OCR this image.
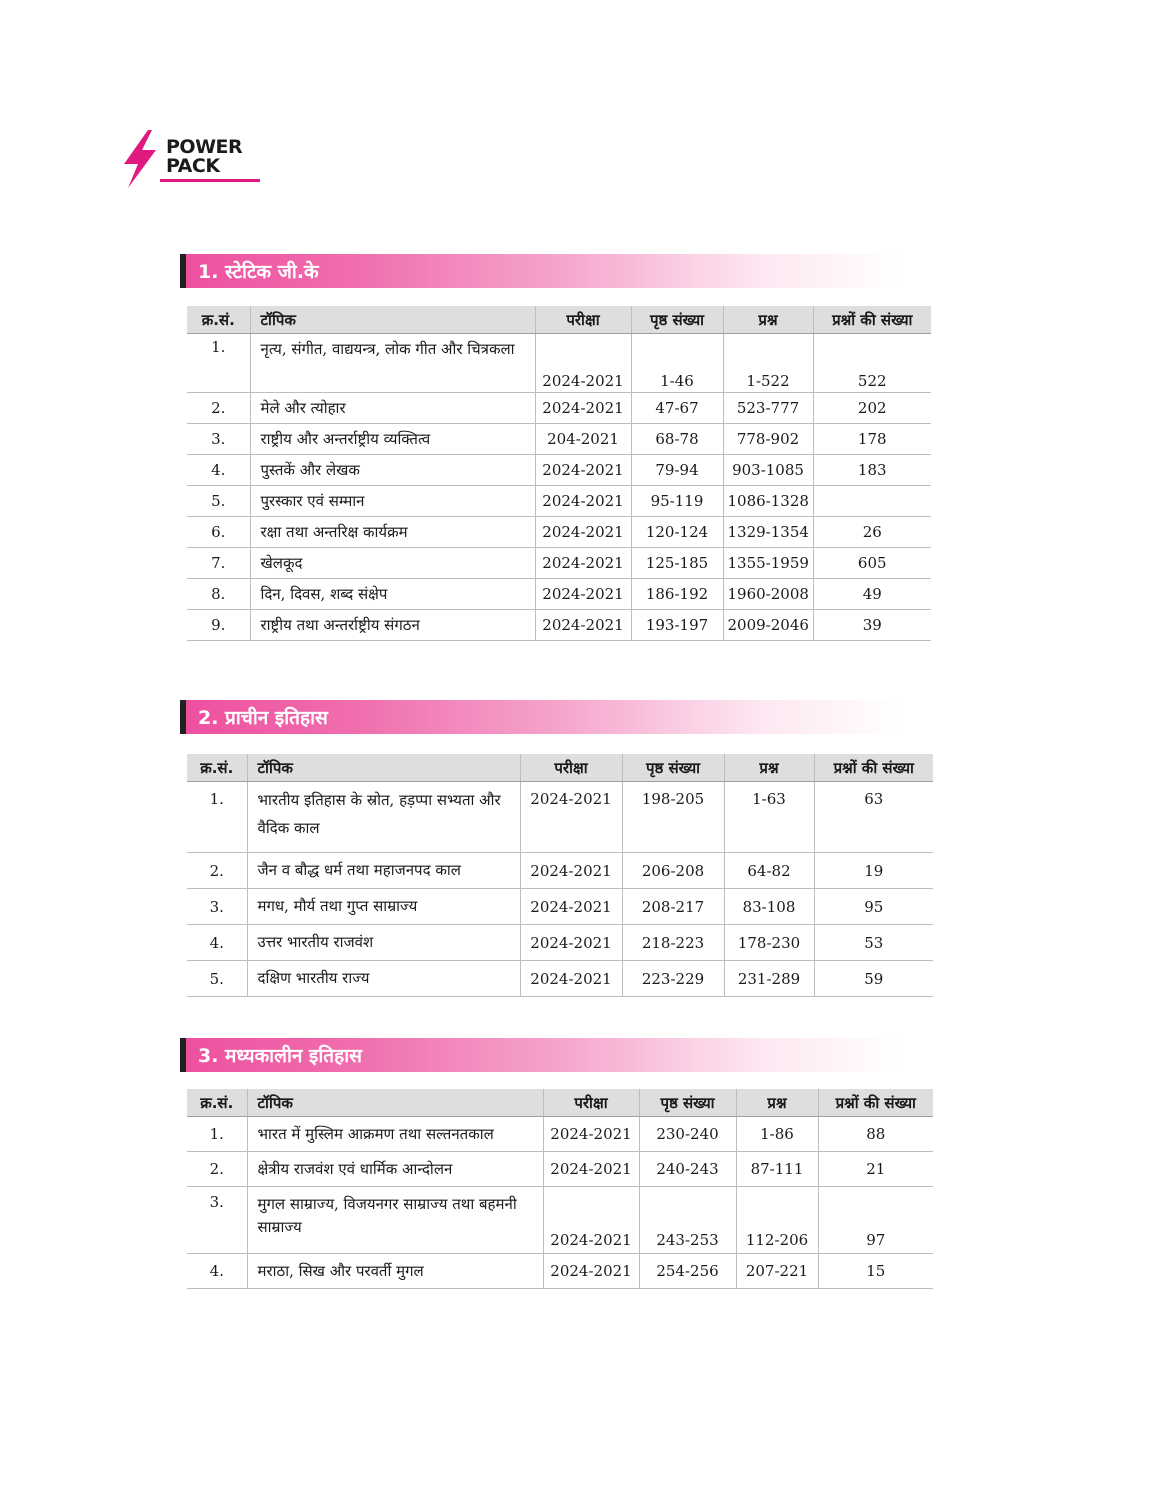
POWER
PACK
1. स्टेटिक जी.के
क्र.सं.	टॉपिक	परीक्षा	पृष्ठ संख्या	प्रश्न	प्रश्नों की संख्या
1.	नृत्य, संगीत, वाद्ययन्त्र, लोक गीत और चित्रकला	2024-2021	1-46	1-522	522
2.	मेले और त्योहार	2024-2021	47-67	523-777	202
3.	राष्ट्रीय और अन्तर्राष्ट्रीय व्यक्तित्व	204-2021	68-78	778-902	178
4.	पुस्तकें और लेखक	2024-2021	79-94	903-1085	183
5.	पुरस्कार एवं सम्मान	2024-2021	95-119	1086-1328	
6.	रक्षा तथा अन्तरिक्ष कार्यक्रम	2024-2021	120-124	1329-1354	26
7.	खेलकूद	2024-2021	125-185	1355-1959	605
8.	दिन, दिवस, शब्द संक्षेप	2024-2021	186-192	1960-2008	49
9.	राष्ट्रीय तथा अन्तर्राष्ट्रीय संगठन	2024-2021	193-197	2009-2046	39
2. प्राचीन इतिहास
क्र.सं.	टॉपिक	परीक्षा	पृष्ठ संख्या	प्रश्न	प्रश्नों की संख्या
1.	भारतीय इतिहास के स्रोत, हड़प्पा सभ्यता और वैदिक काल	2024-2021	198-205	1-63	63
2.	जैन व बौद्ध धर्म तथा महाजनपद काल	2024-2021	206-208	64-82	19
3.	मगध, मौर्य तथा गुप्त साम्राज्य	2024-2021	208-217	83-108	95
4.	उत्तर भारतीय राजवंश	2024-2021	218-223	178-230	53
5.	दक्षिण भारतीय राज्य	2024-2021	223-229	231-289	59
3. मध्यकालीन इतिहास
क्र.सं.	टॉपिक	परीक्षा	पृष्ठ संख्या	प्रश्न	प्रश्नों की संख्या
1.	भारत में मुस्लिम आक्रमण तथा सल्तनतकाल	2024-2021	230-240	1-86	88
2.	क्षेत्रीय राजवंश एवं धार्मिक आन्दोलन	2024-2021	240-243	87-111	21
3.	मुगल साम्राज्य, विजयनगर साम्राज्य तथा बहमनी साम्राज्य	2024-2021	243-253	112-206	97
4.	मराठा, सिख और परवर्ती मुगल	2024-2021	254-256	207-221	15
